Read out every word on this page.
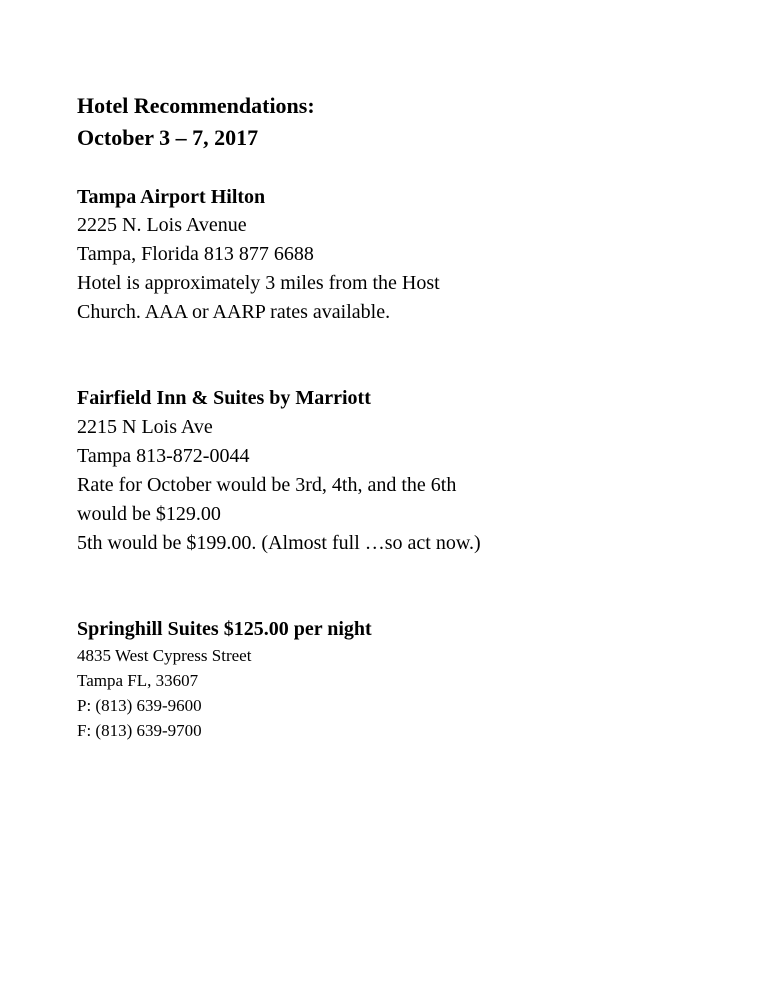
Hotel Recommendations:
October 3 – 7, 2017
Tampa Airport Hilton
2225 N. Lois Avenue
Tampa, Florida 813 877 6688
Hotel is approximately 3 miles from the Host
Church. AAA or AARP rates available.
Fairfield Inn & Suites by Marriott
2215 N Lois Ave
Tampa 813-872-0044
Rate for October would be 3rd, 4th, and the 6th
would be $129.00
5th would be $199.00. (Almost full …so act now.)
Springhill Suites $125.00 per night
4835 West Cypress Street
Tampa FL, 33607
P: (813) 639-9600
F: (813) 639-9700
